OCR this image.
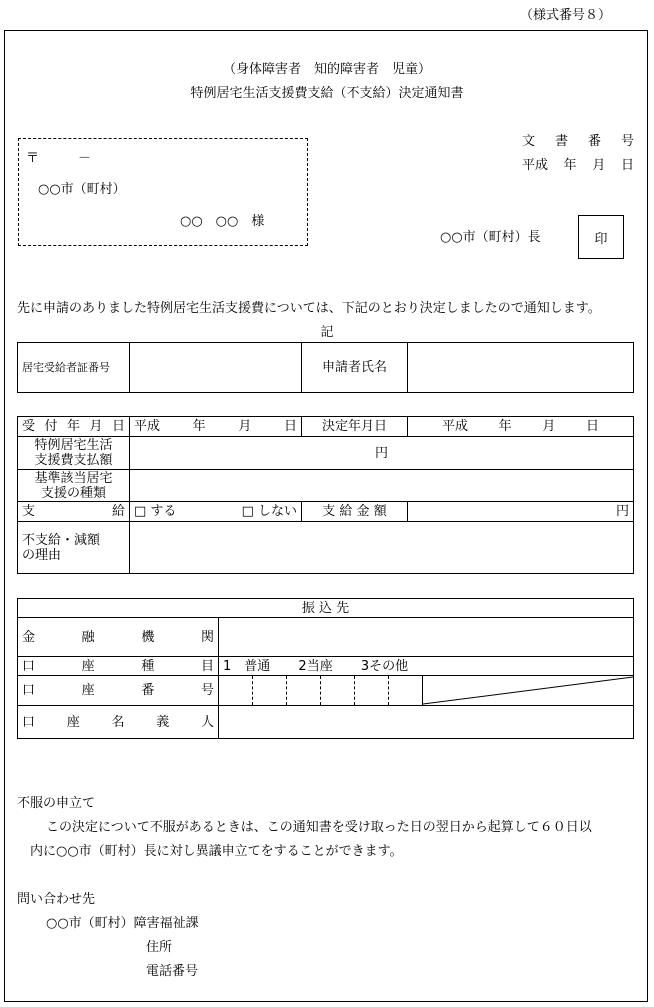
（様式番号８）
（身体障害者　知的障害者　児童）
特例居宅生活支援費支給（不支給）決定通知書
〒　　　－
○○市（町村）
○○　○○　様
文 書 番 号
平成 年 月 日
○○市（町村）長	印
先に申請のありました特例居宅生活支援費については、下記のとおり決定しましたので通知します。
記
居宅受給者証番号		申請者氏名	
受 付 年 月 日	平成 年 月 日	決定年月日	平成 年 月 日

特例居宅生活
支援費支払額	円		

基準該当居宅
支援の種類			

支 給	□ する □ しない	支 給 金 額	円

不支給・減額
の理由			

振 込 先							

金 融 機 関							

口 座 種 目	1　普通 2当座 3その他						

口 座 番 号

口 座 名 義 人							

不服の申立て
この決定について不服があるときは、この通知書を受け取った日の翌日から起算して６０日以
内に○○市（町村）長に対し異議申立てをすることができます。
問い合わせ先
○○市（町村）障害福祉課
住所
電話番号
